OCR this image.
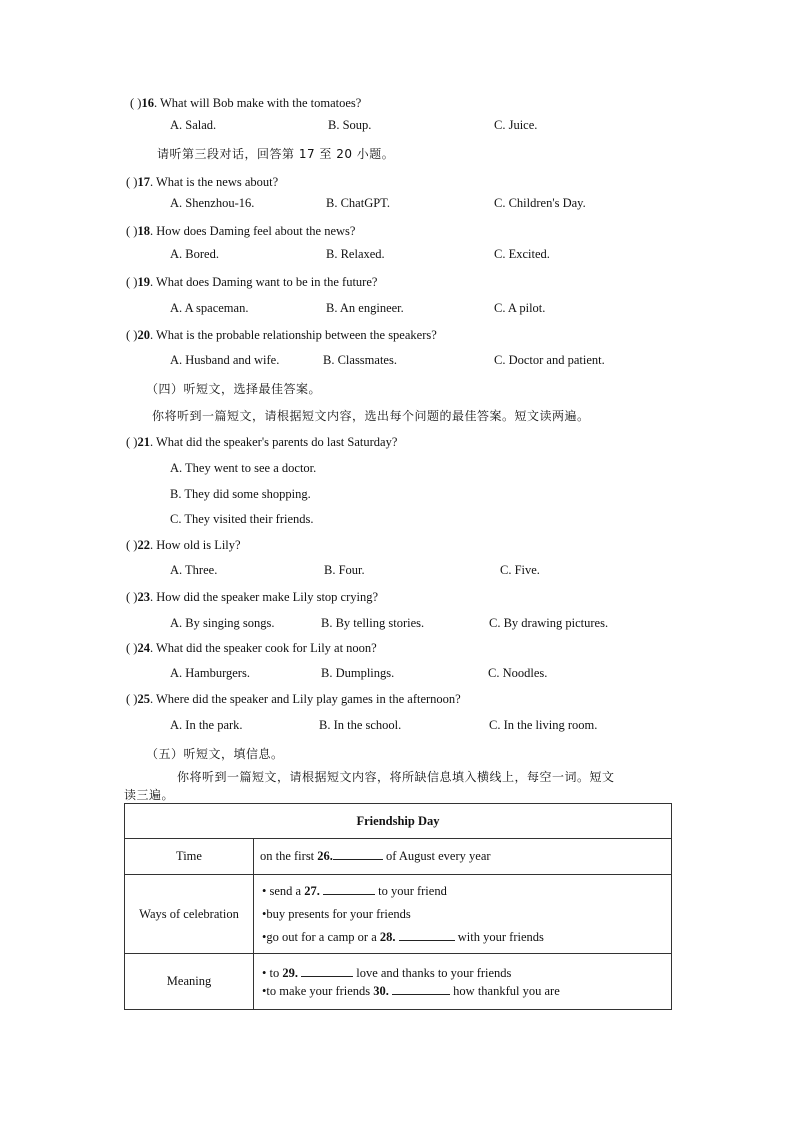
( )16. What will Bob make with the tomatoes?
A. Salad.	B. Soup.	C. Juice.
请听第三段对话，回答第 17 至 20 小题。
( )17. What is the news about?
A. Shenzhou-16.	B. ChatGPT.	C. Children's Day.
( )18. How does Daming feel about the news?
A. Bored.	B. Relaxed.	C. Excited.
( )19. What does Daming want to be in the future?
A. A spaceman.	B. An engineer.	C. A pilot.
( )20. What is the probable relationship between the speakers?
A. Husband and wife.	B. Classmates.	C. Doctor and patient.
（四）听短文，选择最佳答案。
你将听到一篇短文，请根据短文内容，选出每个问题的最佳答案。短文读两遍。
( )21. What did the speaker's parents do last Saturday?
A. They went to see a doctor.
B. They did some shopping.
C. They visited their friends.
( )22. How old is Lily?
A. Three.	B. Four.	C. Five.
( )23. How did the speaker make Lily stop crying?
A. By singing songs.	B. By telling stories.	C. By drawing pictures.
( )24. What did the speaker cook for Lily at noon?
A. Hamburgers.	B. Dumplings.	C. Noodles.
( )25. Where did the speaker and Lily play games in the afternoon?
A. In the park.	B. In the school.	C. In the living room.
（五）听短文，填信息。
你将听到一篇短文，请根据短文内容，将所缺信息填入横线上，每空一词。短文
读三遍。
Friendship Day	
Time	on the first 26. of August every year

Ways of celebration	• send a 27. to your friend
•buy presents for your friends
•go out for a camp or a 28. with your friends

Meaning	• to 29. love and thanks to your friends
•to make your friends 30. how thankful you are
